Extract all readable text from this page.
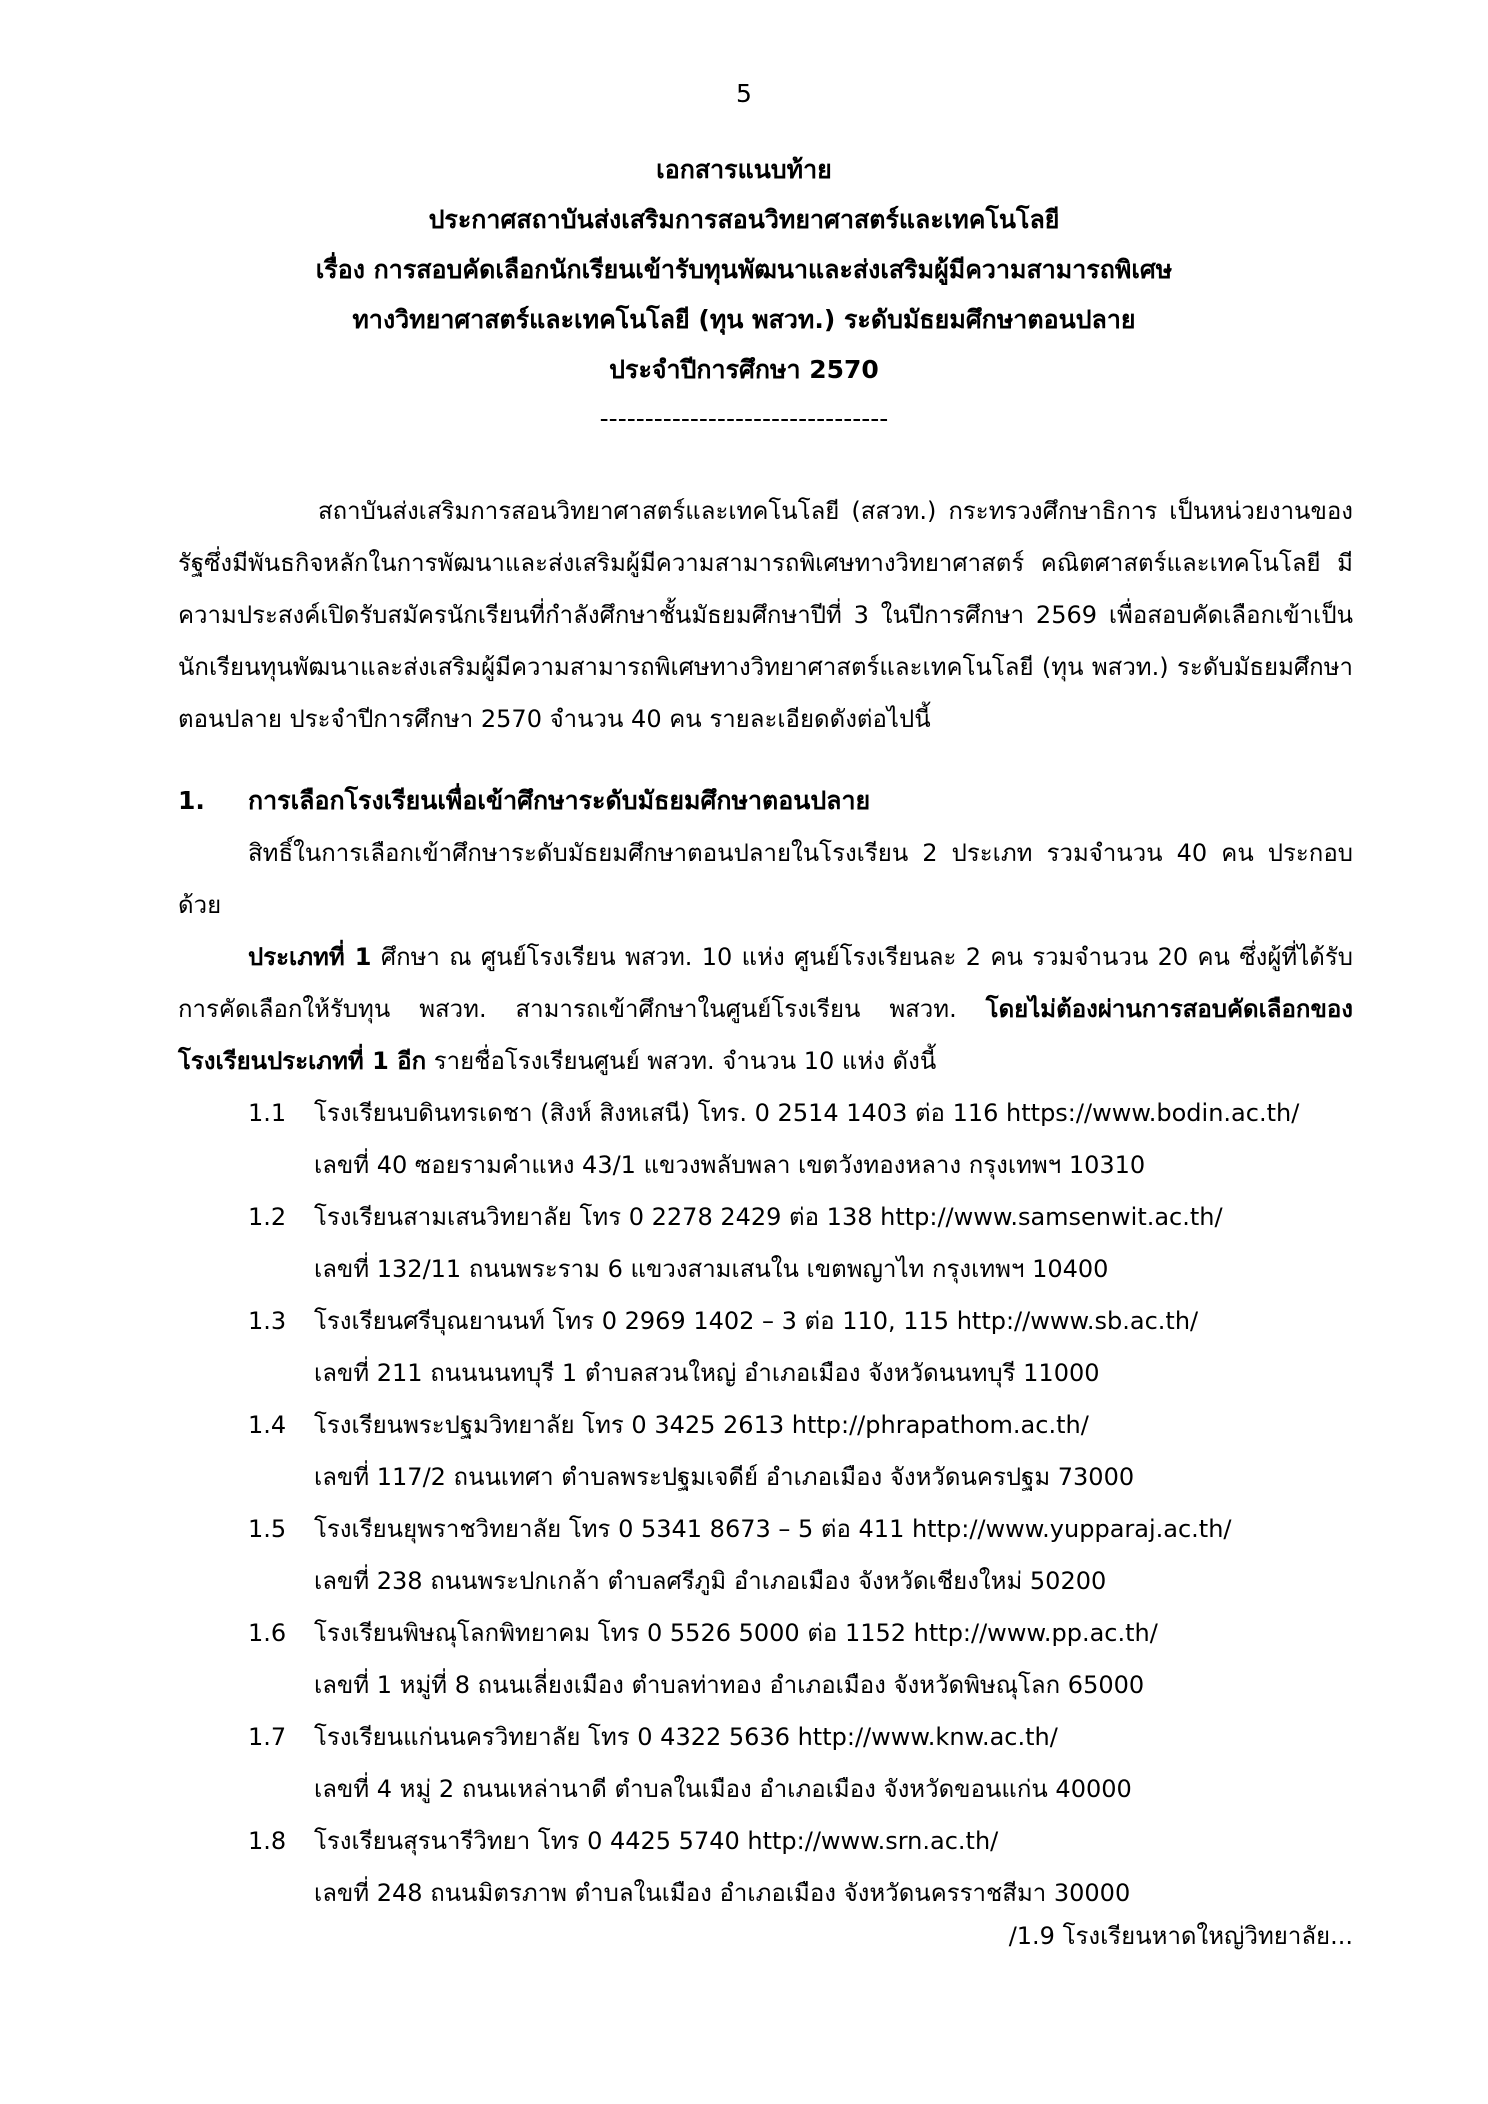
5
เอกสารแนบท้าย
ประกาศสถาบันส่งเสริมการสอนวิทยาศาสตร์และเทคโนโลยี
เรื่อง การสอบคัดเลือกนักเรียนเข้ารับทุนพัฒนาและส่งเสริมผู้มีความสามารถพิเศษ
ทางวิทยาศาสตร์และเทคโนโลยี (ทุน พสวท.) ระดับมัธยมศึกษาตอนปลาย
ประจำปีการศึกษา 2570
--------------------------------

สถาบันส่งเสริมการสอนวิทยาศาสตร์และเทคโนโลยี (สสวท.) กระทรวงศึกษาธิการ เป็นหน่วยงานของรัฐซึ่งมีพันธกิจหลักในการพัฒนาและส่งเสริมผู้มีความสามารถพิเศษทางวิทยาศาสตร์ คณิตศาสตร์และเทคโนโลยี มีความประสงค์เปิดรับสมัครนักเรียนที่กำลังศึกษาชั้นมัธยมศึกษาปีที่ 3 ในปีการศึกษา 2569 เพื่อสอบคัดเลือกเข้าเป็นนักเรียนทุนพัฒนาและส่งเสริมผู้มีความสามารถพิเศษทางวิทยาศาสตร์และเทคโนโลยี (ทุน พสวท.) ระดับมัธยมศึกษาตอนปลาย ประจำปีการศึกษา 2570 จำนวน 40 คน รายละเอียดดังต่อไปนี้

1. การเลือกโรงเรียนเพื่อเข้าศึกษาระดับมัธยมศึกษาตอนปลาย

สิทธิ์ในการเลือกเข้าศึกษาระดับมัธยมศึกษาตอนปลายในโรงเรียน 2 ประเภท รวมจำนวน 40 คน ประกอบด้วย

ประเภทที่ 1 ศึกษา ณ ศูนย์โรงเรียน พสวท. 10 แห่ง ศูนย์โรงเรียนละ 2 คน รวมจำนวน 20 คน ซึ่งผู้ที่ได้รับการคัดเลือกให้รับทุน พสวท. สามารถเข้าศึกษาในศูนย์โรงเรียน พสวท. โดยไม่ต้องผ่านการสอบคัดเลือกของโรงเรียนประเภทที่ 1 อีก รายชื่อโรงเรียนศูนย์ พสวท. จำนวน 10 แห่ง ดังนี้

1.1 โรงเรียนบดินทรเดชา (สิงห์ สิงหเสนี) โทร. 0 2514 1403 ต่อ 116 https://www.bodin.ac.th/
เลขที่ 40 ซอยรามคำแหง 43/1 แขวงพลับพลา เขตวังทองหลาง กรุงเทพฯ 10310
1.2 โรงเรียนสามเสนวิทยาลัย โทร 0 2278 2429 ต่อ 138 http://www.samsenwit.ac.th/
เลขที่ 132/11 ถนนพระราม 6 แขวงสามเสนใน เขตพญาไท กรุงเทพฯ 10400
1.3 โรงเรียนศรีบุณยานนท์ โทร 0 2969 1402 – 3 ต่อ 110, 115 http://www.sb.ac.th/
เลขที่ 211 ถนนนนทบุรี 1 ตำบลสวนใหญ่ อำเภอเมือง จังหวัดนนทบุรี 11000
1.4 โรงเรียนพระปฐมวิทยาลัย โทร 0 3425 2613 http://phrapathom.ac.th/
เลขที่ 117/2 ถนนเทศา ตำบลพระปฐมเจดีย์ อำเภอเมือง จังหวัดนครปฐม 73000
1.5 โรงเรียนยุพราชวิทยาลัย โทร 0 5341 8673 – 5 ต่อ 411 http://www.yupparaj.ac.th/
เลขที่ 238 ถนนพระปกเกล้า ตำบลศรีภูมิ อำเภอเมือง จังหวัดเชียงใหม่ 50200
1.6 โรงเรียนพิษณุโลกพิทยาคม โทร 0 5526 5000 ต่อ 1152 http://www.pp.ac.th/
เลขที่ 1 หมู่ที่ 8 ถนนเลี่ยงเมือง ตำบลท่าทอง อำเภอเมือง จังหวัดพิษณุโลก 65000
1.7 โรงเรียนแก่นนครวิทยาลัย โทร 0 4322 5636 http://www.knw.ac.th/
เลขที่ 4 หมู่ 2 ถนนเหล่านาดี ตำบลในเมือง อำเภอเมือง จังหวัดขอนแก่น 40000
1.8 โรงเรียนสุรนารีวิทยา โทร 0 4425 5740 http://www.srn.ac.th/
เลขที่ 248 ถนนมิตรภาพ ตำบลในเมือง อำเภอเมือง จังหวัดนครราชสีมา 30000
/1.9 โรงเรียนหาดใหญ่วิทยาลัย...
